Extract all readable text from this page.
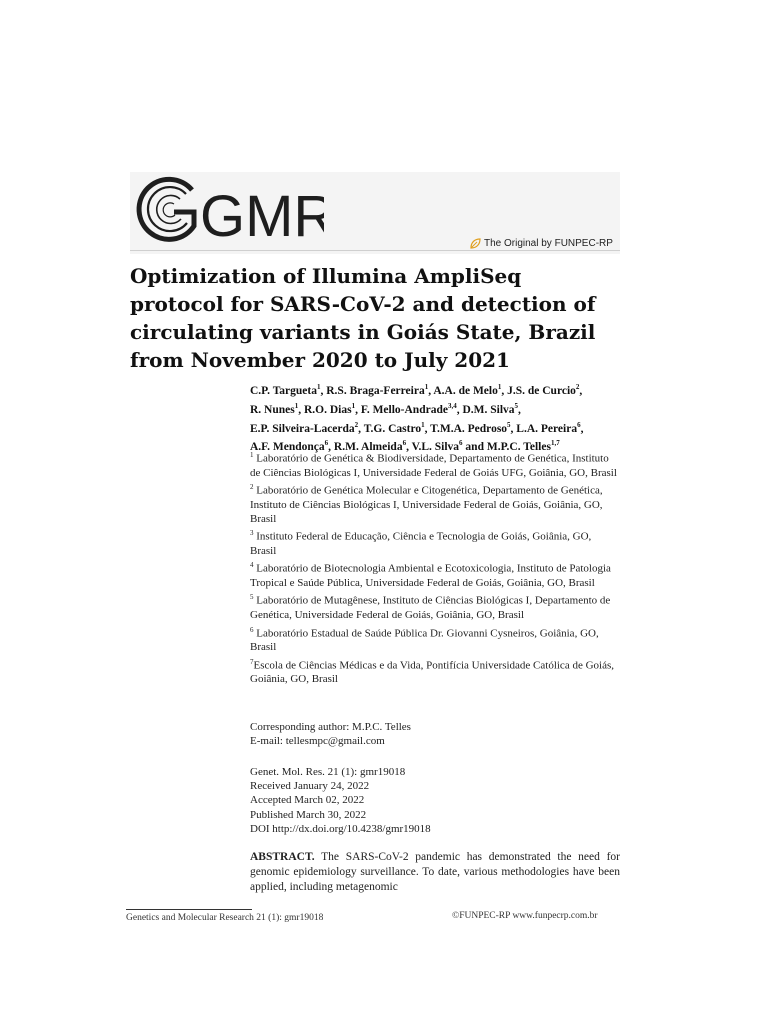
GMR	The Original by FUNPEC-RP
Optimization of Illumina AmpliSeq protocol for SARS-CoV-2 and detection of circulating variants in Goiás State, Brazil from November 2020 to July 2021
C.P. Targueta$^1$, R.S. Braga-Ferreira$^1$, A.A. de Melo$^1$, J.S. de Curcio$^2$,
R. Nunes$^1$, R.O. Dias$^1$, F. Mello-Andrade$^{3,4}$, D.M. Silva$^5$,
E.P. Silveira-Lacerda$^2$, T.G. Castro$^1$, T.M.A. Pedroso$^5$, L.A. Pereira$^6$,
A.F. Mendonça$^6$, R.M. Almeida$^6$, V.L. Silva$^6$ and M.P.C. Telles$^{1,7}$

$^1$ Laboratório de Genética & Biodiversidade, Departamento de Genética, Instituto de Ciências Biológicas I, Universidade Federal de Goiás UFG, Goiânia, GO, Brasil

$^2$ Laboratório de Genética Molecular e Citogenética, Departamento de Genética, Instituto de Ciências Biológicas I, Universidade Federal de Goiás, Goiânia, GO, Brasil

$^3$ Instituto Federal de Educação, Ciência e Tecnologia de Goiás, Goiânia, GO, Brasil

$^4$ Laboratório de Biotecnologia Ambiental e Ecotoxicologia, Instituto de Patologia Tropical e Saúde Pública, Universidade Federal de Goiás, Goiânia, GO, Brasil

$^5$ Laboratório de Mutagênese, Instituto de Ciências Biológicas I, Departamento de Genética, Universidade Federal de Goiás, Goiânia, GO, Brasil

$^6$ Laboratório Estadual de Saúde Pública Dr. Giovanni Cysneiros, Goiânia, GO, Brasil

$^7$Escola de Ciências Médicas e da Vida, Pontifícia Universidade Católica de Goiás, Goiânia, GO, Brasil

Corresponding author: M.P.C. Telles
E-mail: tellesmpc@gmail.com
Genet. Mol. Res. 21 (1): gmr19018
Received January 24, 2022
Accepted March 02, 2022
Published March 30, 2022
DOI http://dx.doi.org/10.4238/gmr19018
ABSTRACT. The SARS-CoV-2 pandemic has demonstrated the need for genomic epidemiology surveillance. To date, various methodologies have been applied, including metagenomic
Genetics and Molecular Research 21 (1): gmr19018	©FUNPEC-RP www.funpecrp.com.br
